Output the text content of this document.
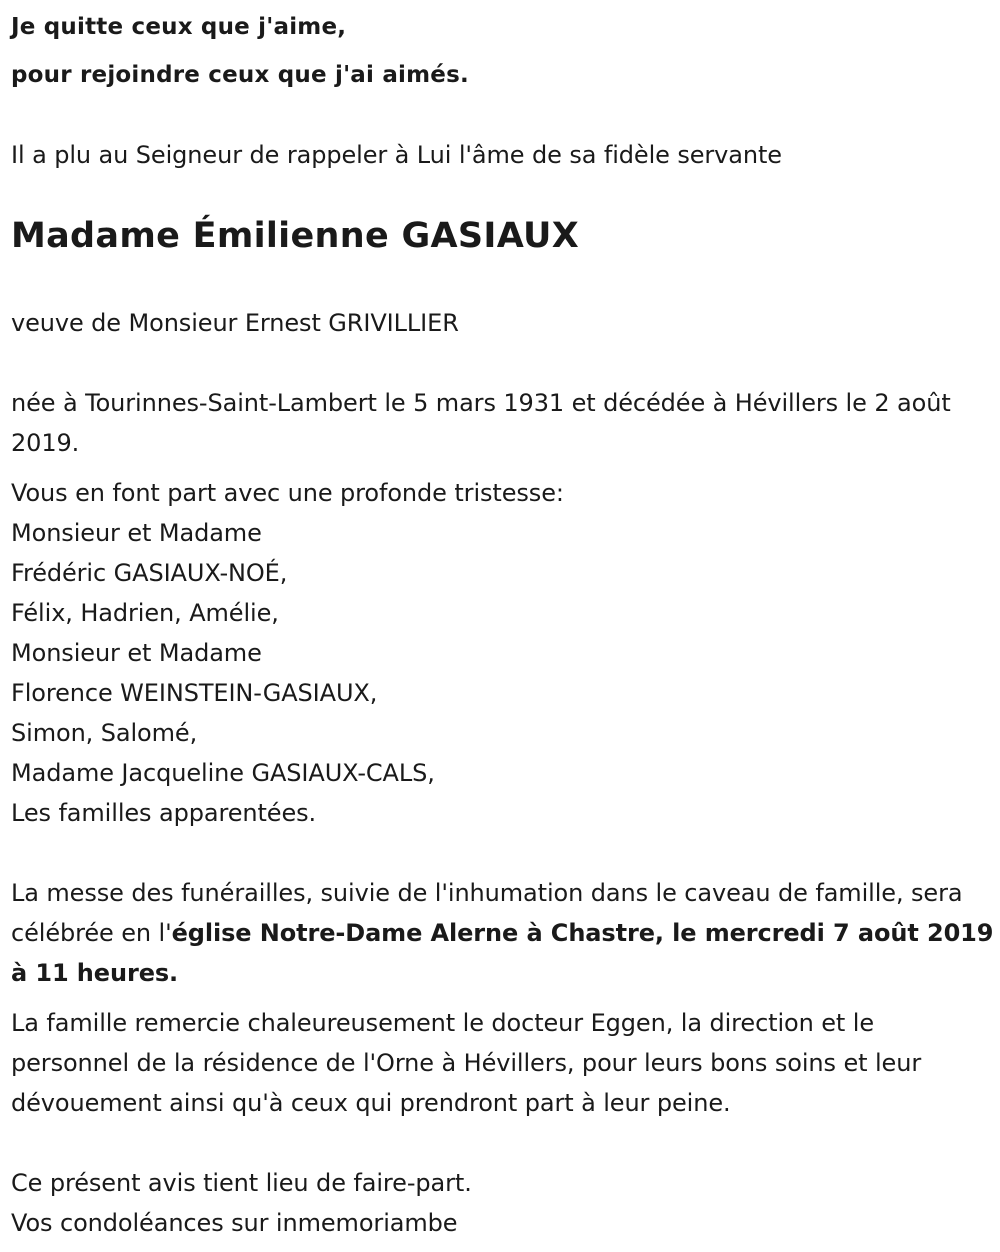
Je quitte ceux que j'aime,
pour rejoindre ceux que j'ai aimés.
Il a plu au Seigneur de rappeler à Lui l'âme de sa fidèle servante
Madame Émilienne GASIAUX
veuve de Monsieur Ernest GRIVILLIER
née à Tourinnes-Saint-Lambert le 5 mars 1931 et décédée à Hévillers le 2 août 2019.
Vous en font part avec une profonde tristesse:
Monsieur et Madame
Frédéric GASIAUX-NOÉ,
Félix, Hadrien, Amélie,
Monsieur et Madame
Florence WEINSTEIN-GASIAUX,
Simon, Salomé,
Madame Jacqueline GASIAUX-CALS,
Les familles apparentées.
La messe des funérailles, suivie de l'inhumation dans le caveau de famille, sera célébrée en l'église Notre-Dame Alerne à Chastre, le mercredi 7 août 2019 à 11 heures.
La famille remercie chaleureusement le docteur Eggen, la direction et le personnel de la résidence de l'Orne à Hévillers, pour leurs bons soins et leur dévouement ainsi qu'à ceux qui prendront part à leur peine.
Ce présent avis tient lieu de faire-part.
Vos condoléances sur inmemoriambe
